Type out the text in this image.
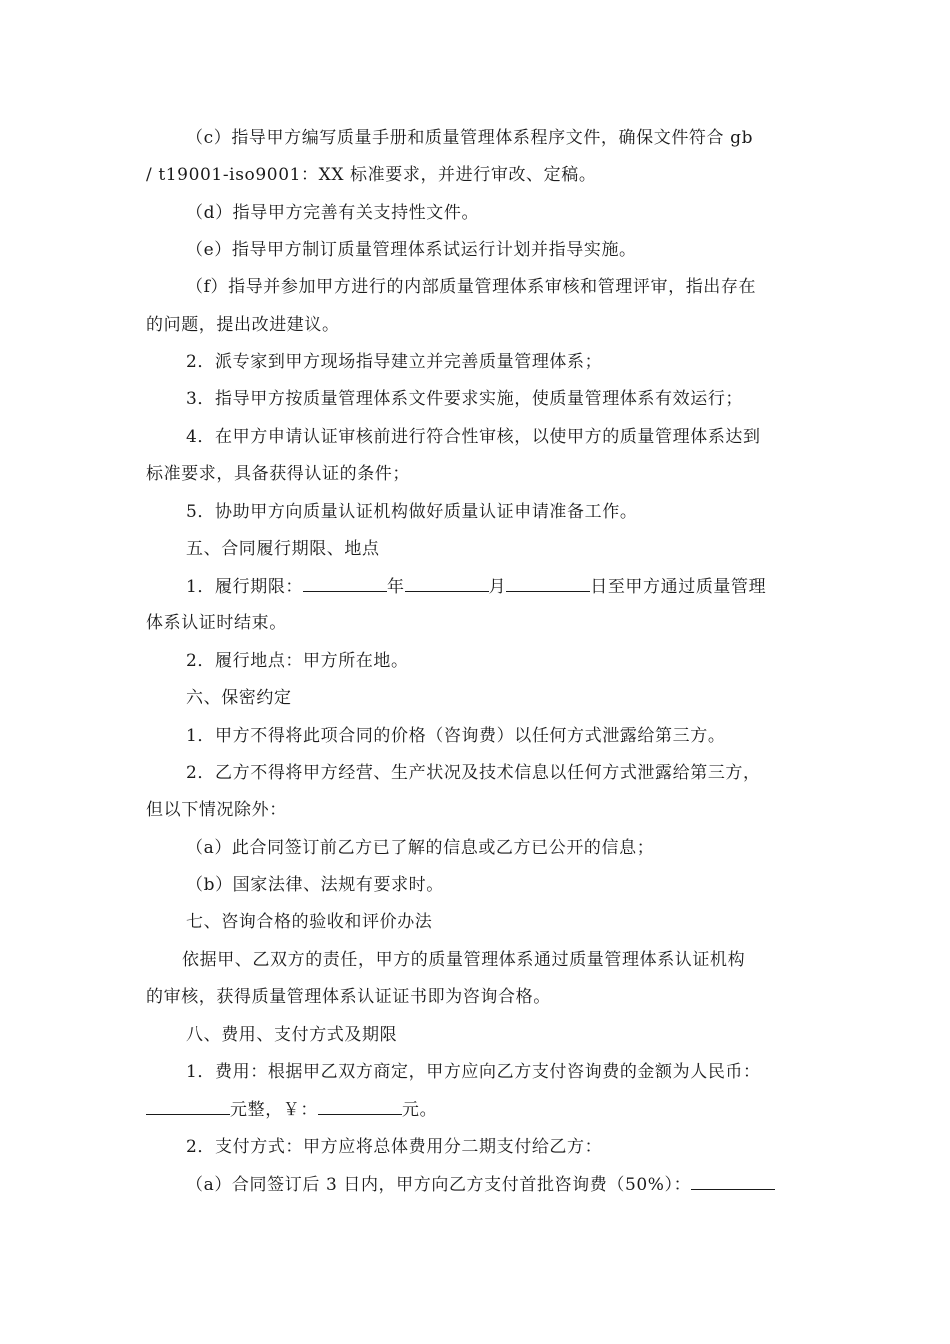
（c）指导甲方编写质量手册和质量管理体系程序文件，确保文件符合 gb
/ t19001-iso9001：XX 标准要求，并进行审改、定稿。
（d）指导甲方完善有关支持性文件。
（e）指导甲方制订质量管理体系试运行计划并指导实施。
（f）指导并参加甲方进行的内部质量管理体系审核和管理评审，指出存在
的问题，提出改进建议。
2．派专家到甲方现场指导建立并完善质量管理体系；
3．指导甲方按质量管理体系文件要求实施，使质量管理体系有效运行；
4．在甲方申请认证审核前进行符合性审核，以使甲方的质量管理体系达到
标准要求，具备获得认证的条件；
5．协助甲方向质量认证机构做好质量认证申请准备工作。
五、合同履行期限、地点
1．履行期限：	年	月	日至甲方通过质量管理
体系认证时结束。
2．履行地点：甲方所在地。
六、保密约定
1．甲方不得将此项合同的价格（咨询费）以任何方式泄露给第三方。
2．乙方不得将甲方经营、生产状况及技术信息以任何方式泄露给第三方，
但以下情况除外：
（a）此合同签订前乙方已了解的信息或乙方已公开的信息；
（b）国家法律、法规有要求时。
七、咨询合格的验收和评价办法
依据甲、乙双方的责任，甲方的质量管理体系通过质量管理体系认证机构
的审核，获得质量管理体系认证证书即为咨询合格。
八、费用、支付方式及期限
1．费用：根据甲乙双方商定，甲方应向乙方支付咨询费的金额为人民币：
元整，￥：	元。
2．支付方式：甲方应将总体费用分二期支付给乙方：
（a）合同签订后 3 日内，甲方向乙方支付首批咨询费（50%）：
